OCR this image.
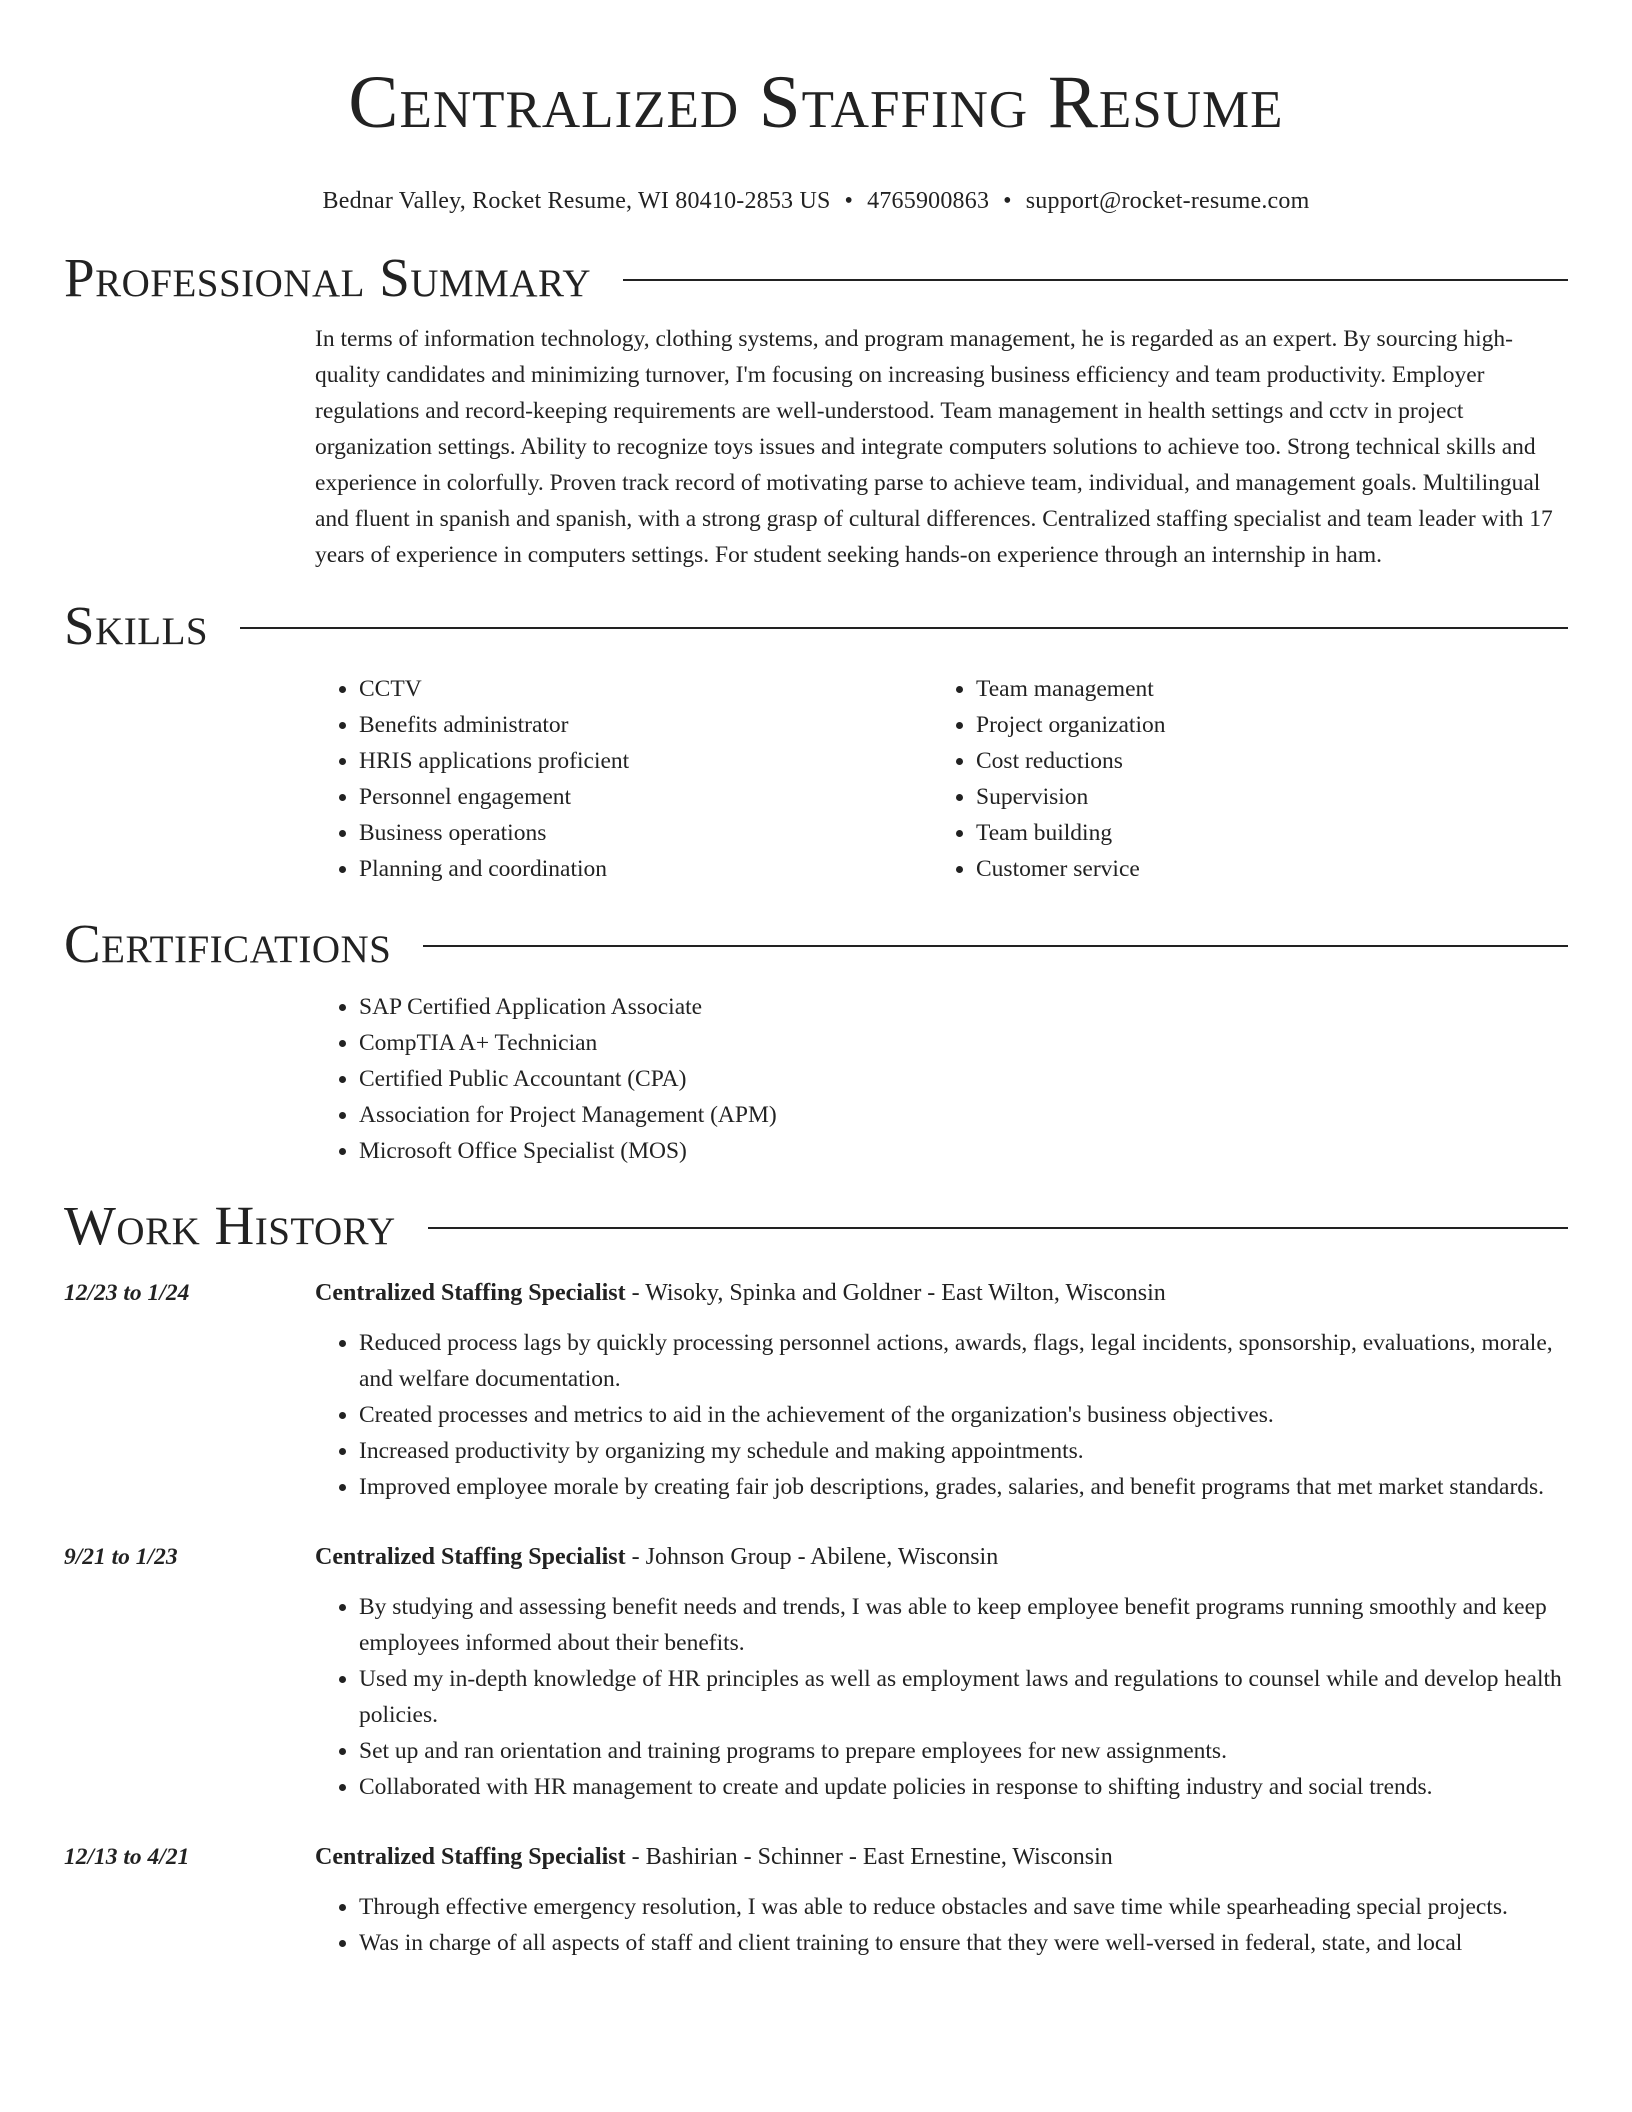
Centralized Staffing Resume
Bednar Valley, Rocket Resume, WI 80410-2853 US • 4765900863 • support@rocket-resume.com
Professional Summary

In terms of information technology, clothing systems, and program management, he is regarded as an expert. By sourcing high-quality candidates and minimizing turnover, I'm focusing on increasing business efficiency and team productivity. Employer regulations and record-keeping requirements are well-understood. Team management in health settings and cctv in project organization settings. Ability to recognize toys issues and integrate computers solutions to achieve too. Strong technical skills and experience in colorfully. Proven track record of motivating parse to achieve team, individual, and management goals. Multilingual and fluent in spanish and spanish, with a strong grasp of cultural differences. Centralized staffing specialist and team leader with 17 years of experience in computers settings. For student seeking hands-on experience through an internship in ham.

Skills
• CCTV
• Benefits administrator
• HRIS applications proficient
• Personnel engagement
• Business operations
• Planning and coordination
• Team management
• Project organization
• Cost reductions
• Supervision
• Team building
• Customer service
Certifications
• SAP Certified Application Associate
• CompTIA A+ Technician
• Certified Public Accountant (CPA)
• Association for Project Management (APM)
• Microsoft Office Specialist (MOS)
Work History
12/23 to 1/24	Centralized Staffing Specialist - Wisoky, Spinka and Goldner - East Wilton, Wisconsin
• Reduced process lags by quickly processing personnel actions, awards, flags, legal incidents, sponsorship, evaluations, morale, and welfare documentation.
• Created processes and metrics to aid in the achievement of the organization's business objectives.
• Increased productivity by organizing my schedule and making appointments.
• Improved employee morale by creating fair job descriptions, grades, salaries, and benefit programs that met market standards.
9/21 to 1/23	Centralized Staffing Specialist - Johnson Group - Abilene, Wisconsin
• By studying and assessing benefit needs and trends, I was able to keep employee benefit programs running smoothly and keep employees informed about their benefits.
• Used my in-depth knowledge of HR principles as well as employment laws and regulations to counsel while and develop health policies.
• Set up and ran orientation and training programs to prepare employees for new assignments.
• Collaborated with HR management to create and update policies in response to shifting industry and social trends.
12/13 to 4/21	Centralized Staffing Specialist - Bashirian - Schinner - East Ernestine, Wisconsin
• Through effective emergency resolution, I was able to reduce obstacles and save time while spearheading special projects.
• Was in charge of all aspects of staff and client training to ensure that they were well-versed in federal, state, and local
